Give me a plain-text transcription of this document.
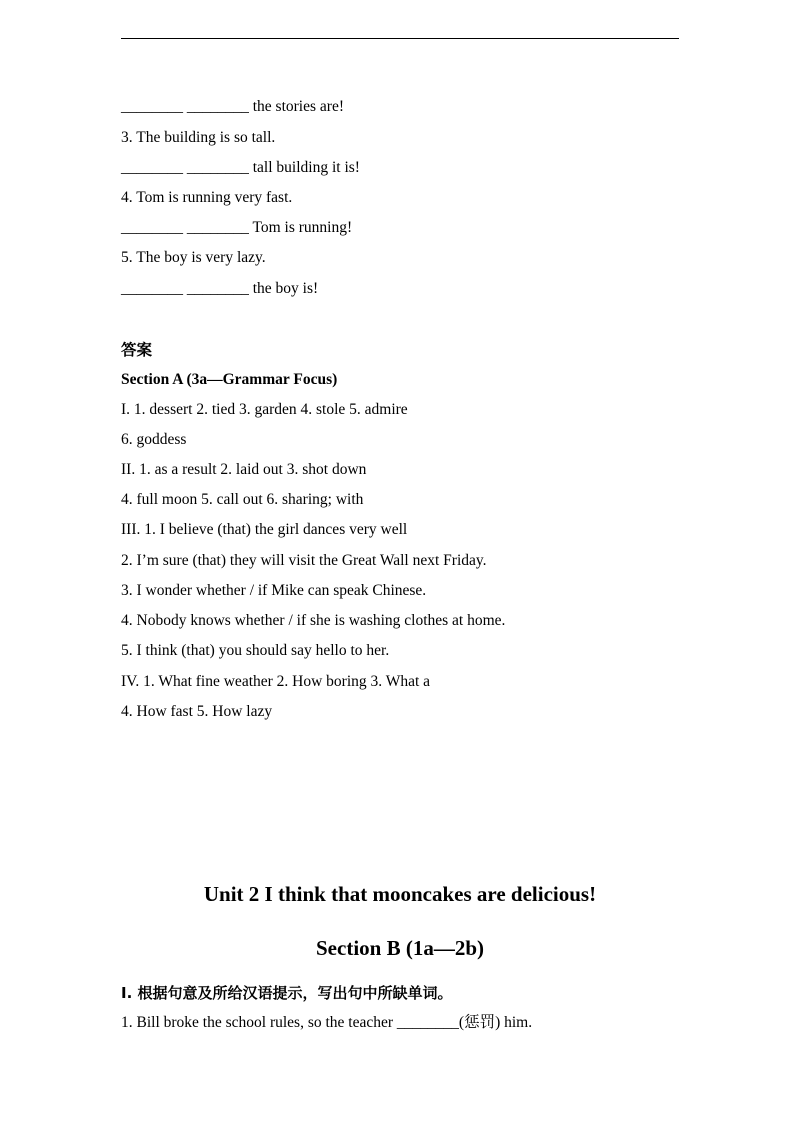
________ ________ the stories are!
3. The building is so tall.
________ ________ tall building it is!
4. Tom is running very fast.
________ ________ Tom is running!
5. The boy is very lazy.
________ ________ the boy is!
答案
Section A (3a—Grammar Focus)
I. 1. dessert 2. tied 3. garden 4. stole 5. admire
6. goddess
II. 1. as a result 2. laid out 3. shot down
4. full moon 5. call out 6. sharing; with
III. 1. I believe (that) the girl dances very well
2. I’m sure (that) they will visit the Great Wall next Friday.
3. I wonder whether / if Mike can speak Chinese.
4. Nobody knows whether / if she is washing clothes at home.
5. I think (that) you should say hello to her.
IV. 1. What fine weather 2. How boring 3. What a
4. How fast 5. How lazy
Unit 2 I think that mooncakes are delicious!
Section B (1a—2b)
Ⅰ. 根据句意及所给汉语提示，写出句中所缺单词。
1. Bill broke the school rules, so the teacher ________(惩罚) him.
